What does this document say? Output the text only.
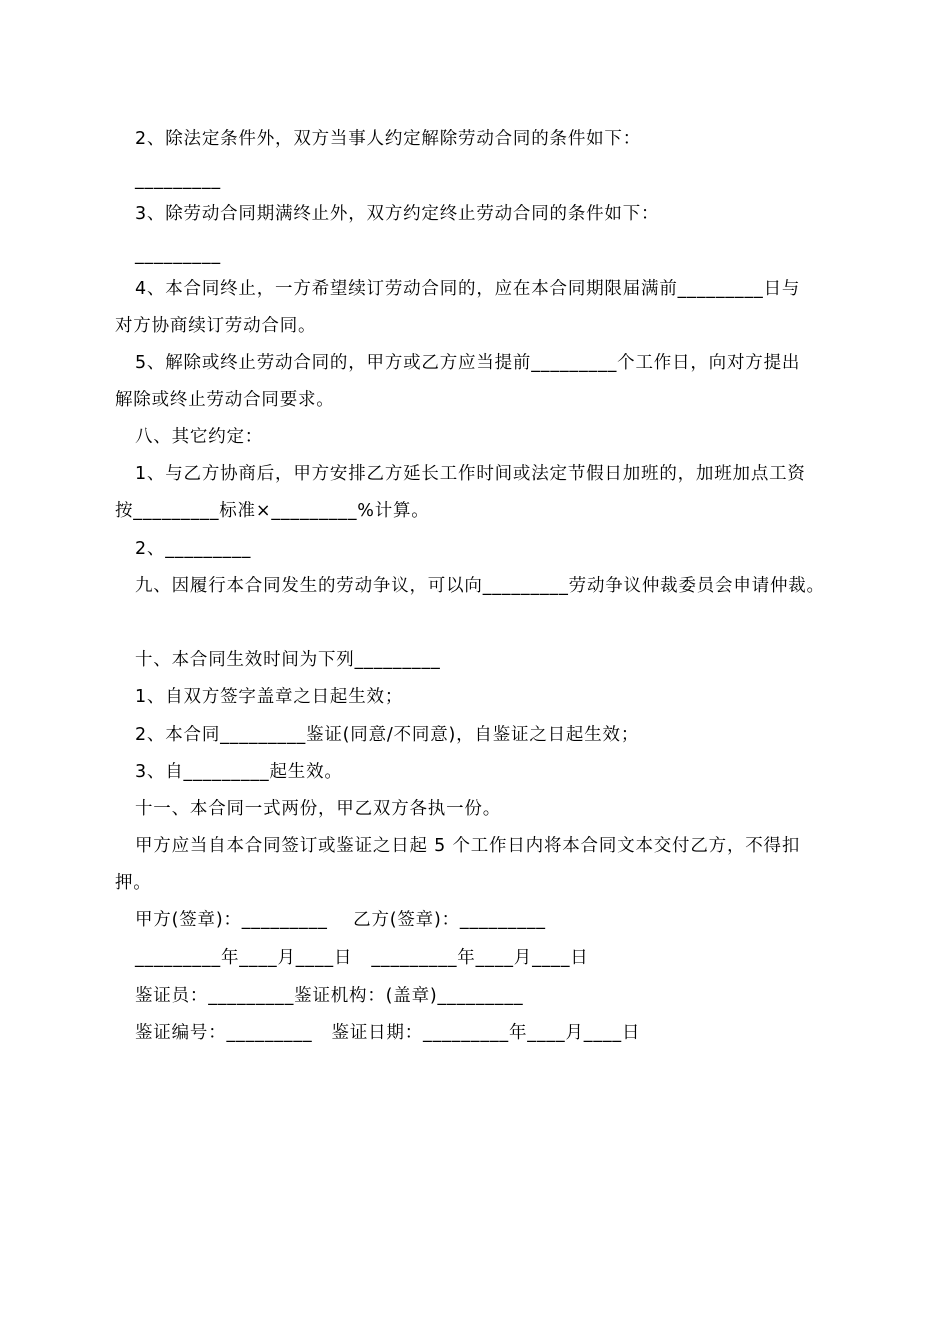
2、除法定条件外，双方当事人约定解除劳动合同的条件如下：
_________
3、除劳动合同期满终止外，双方约定终止劳动合同的条件如下：
_________
4、本合同终止，一方希望续订劳动合同的，应在本合同期限届满前_________日与
对方协商续订劳动合同。
5、解除或终止劳动合同的，甲方或乙方应当提前_________个工作日，向对方提出
解除或终止劳动合同要求。
八、其它约定：
1、与乙方协商后，甲方安排乙方延长工作时间或法定节假日加班的，加班加点工资
按_________标准×_________%计算。
2、_________
九、因履行本合同发生的劳动争议，可以向_________劳动争议仲裁委员会申请仲裁。
十、本合同生效时间为下列_________
1、自双方签字盖章之日起生效；
2、本合同_________鉴证(同意/不同意)，自鉴证之日起生效；
3、自_________起生效。
十一、本合同一式两份，甲乙双方各执一份。
甲方应当自本合同签订或鉴证之日起 5 个工作日内将本合同文本交付乙方，不得扣
押。
甲方(签章)：_________    乙方(签章)：_________
_________年____月____日   _________年____月____日
鉴证员：_________鉴证机构：(盖章)_________
鉴证编号：_________   鉴证日期：_________年____月____日
